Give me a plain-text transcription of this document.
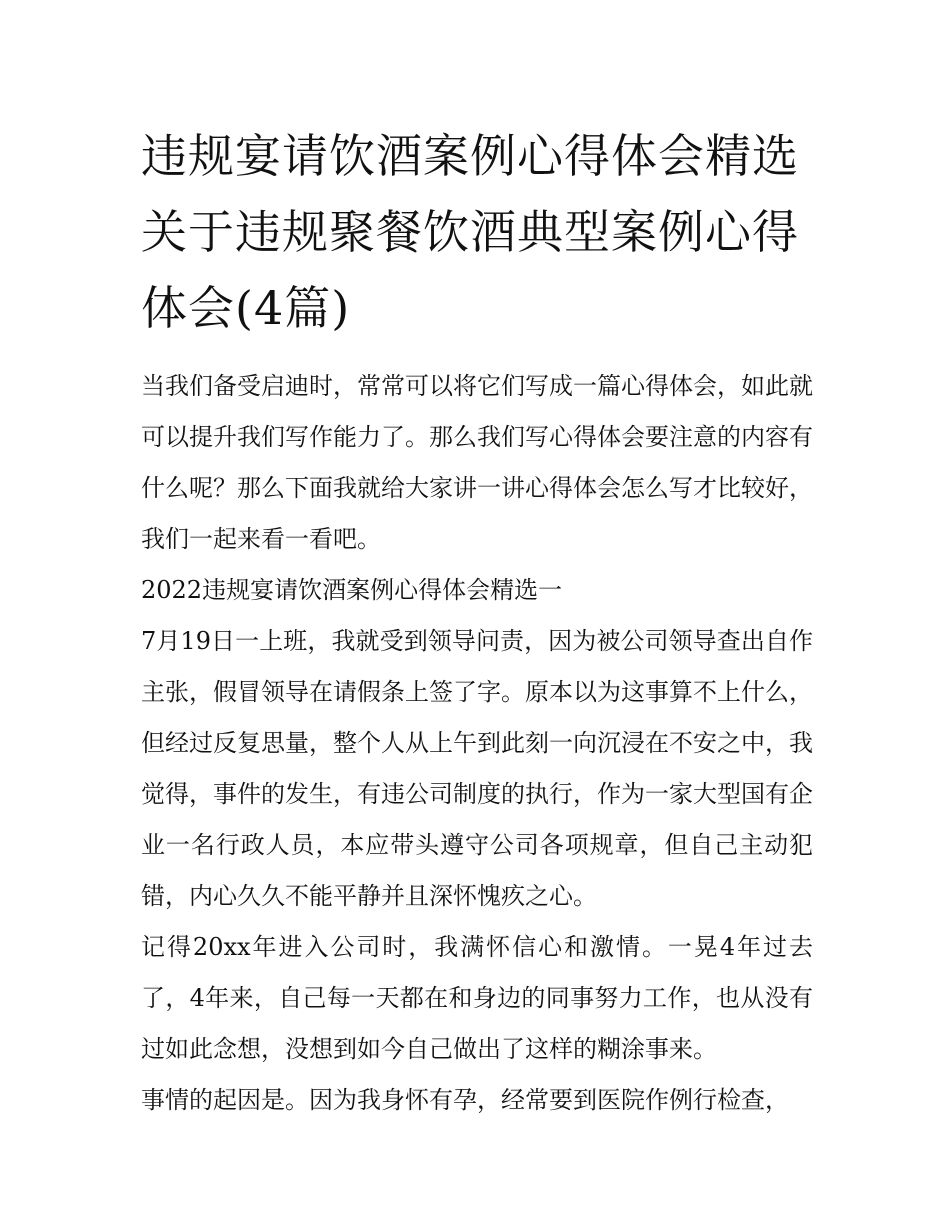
违规宴请饮酒案例心得体会精选 关于违规聚餐饮酒典型案例心得体会(4篇)

当我们备受启迪时，常常可以将它们写成一篇心得体会，如此就可以提升我们写作能力了。那么我们写心得体会要注意的内容有什么呢？那么下面我就给大家讲一讲心得体会怎么写才比较好，我们一起来看一看吧。

2022违规宴请饮酒案例心得体会精选一

7月19日一上班，我就受到领导问责，因为被公司领导查出自作主张，假冒领导在请假条上签了字。原本以为这事算不上什么，但经过反复思量，整个人从上午到此刻一向沉浸在不安之中，我觉得，事件的发生，有违公司制度的执行，作为一家大型国有企业一名行政人员，本应带头遵守公司各项规章，但自己主动犯错，内心久久不能平静并且深怀愧疚之心。

记得20xx年进入公司时，我满怀信心和激情。一晃4年过去了，4年来，自己每一天都在和身边的同事努力工作，也从没有过如此念想，没想到如今自己做出了这样的糊涂事来。

事情的起因是。因为我身怀有孕，经常要到医院作例行检查，
